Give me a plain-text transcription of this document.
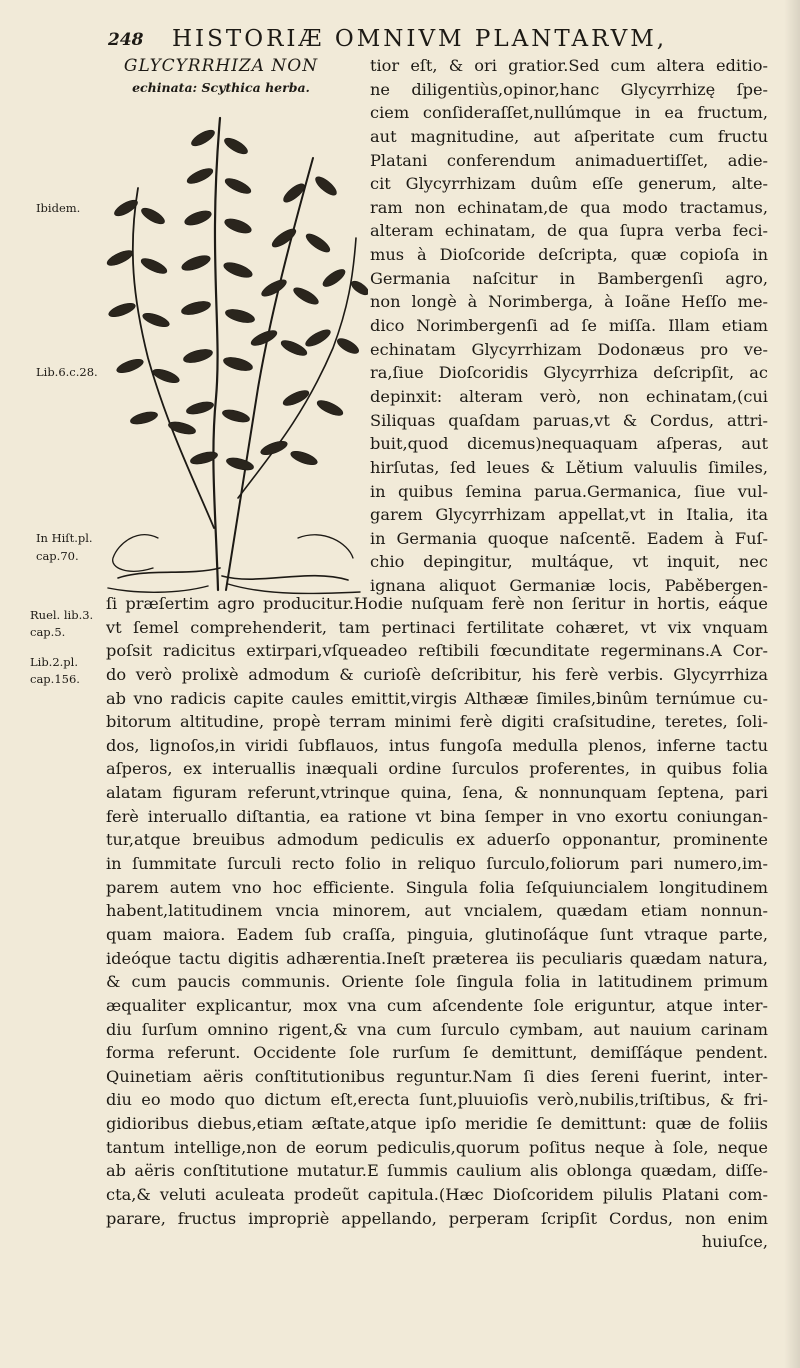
248 HISTORIÆ OMNIVM PLANTARVM,
GLYCYRRHIZA NON
echinata: Scythica herba.
Ibidem.
Lib.6.c.28.
In Hiſt.pl.
cap.70.
Ruel. lib.3.
cap.5.
Lib.2.pl.
cap.156.
tior eſt, & ori gratior.Sed cum altera editio-
ne diligentiùs,opinor,hanc Glycyrrhizę ſpe-
ciem conſideraſſet,nullúmque in ea fructum,
aut magnitudine, aut aſperitate cum fructu
Platani conferendum animaduertiſſet, adie-
cit Glycyrrhizam duûm eſſe generum, alte-
ram non echinatam,de qua modo tractamus,
alteram echinatam, de qua ſupra verba feci-
mus à Dioſcoride deſcripta, quæ copioſa in
Germania naſcitur in Bambergenſi agro,
non longè à Norimberga, à Ioãne Heſſo me-
dico Norimbergenſi ad ſe miſſa. Illam etiam
echinatam Glycyrrhizam Dodonæus pro ve-
ra,ſiue Dioſcoridis Glycyrrhiza deſcripſit, ac
depinxit: alteram verò, non echinatam,(cui
Siliquas quaſdam paruas,vt & Cordus, attri-
buit,quod dicemus)nequaquam aſperas, aut
hirſutas, ſed leues & Lětium valuulis ſimiles,
in quibus ſemina parua.Germanica, ſiue vul-
garem Glycyrrhizam appellat,vt in Italia, ita
in Germania quoque naſcentẽ. Eadem à Fuſ-
chio depingitur, multáque, vt inquit, nec
ignana aliquot Germaniæ locis, Paběbergen-
ſi præſertim agro producitur.Hodie nuſquam ferè non ſeritur in hortis, eáque
vt ſemel comprehenderit, tam pertinaci fertilitate cohæret, vt vix vnquam
poſsit radicitus extirpari,vſqueadeo reſtibili fœcunditate regerminans.A Cor-
do verò prolixè admodum & curioſè deſcribitur, his ferè verbis. Glycyrrhiza
ab vno radicis capite caules emittit,virgis Althææ ſimiles,binûm ternúmue cu-
bitorum altitudine, propè terram minimi ferè digiti craſsitudine, teretes, ſoli-
dos, lignoſos,in viridi ſubflauos, intus fungoſa medulla plenos, inferne tactu
aſperos, ex interuallis inæquali ordine ſurculos proferentes, in quibus folia
alatam figuram referunt,vtrinque quina, ſena, & nonnunquam ſeptena, pari
ferè interuallo diſtantia, ea ratione vt bina ſemper in vno exortu coniungan-
tur,atque breuibus admodum pediculis ex aduerſo opponantur, prominente
in ſummitate ſurculi recto folio in reliquo ſurculo,foliorum pari numero,im-
parem autem vno hoc efficiente. Singula folia ſeſquiuncialem longitudinem
habent,latitudinem vncia minorem, aut vncialem, quædam etiam nonnun-
quam maiora. Eadem ſub craſſa, pinguia, glutinoſáque ſunt vtraque parte,
ideóque tactu digitis adhærentia.Ineſt præterea iis peculiaris quædam natura,
& cum paucis communis. Oriente ſole ſingula folia in latitudinem primum
æqualiter explicantur, mox vna cum aſcendente ſole eriguntur, atque inter-
diu ſurſum omnino rigent,& vna cum ſurculo cymbam, aut nauium carinam
forma referunt. Occidente ſole rurſum ſe demittunt, demiſſáque pendent.
Quinetiam aëris conſtitutionibus reguntur.Nam ſi dies ſereni fuerint, inter-
diu eo modo quo dictum eſt,erecta ſunt,pluuioſis verò,nubilis,triſtibus, & fri-
gidioribus diebus,etiam æſtate,atque ipſo meridie ſe demittunt: quæ de foliis
tantum intellige,non de eorum pediculis,quorum poſitus neque à ſole, neque
ab aëris conſtitutione mutatur.E ſummis caulium alis oblonga quædam, diſſe-
cta,& veluti aculeata prodeũt capitula.(Hæc Dioſcoridem pilulis Platani com-
parare, fructus impropriè appellando, perperam ſcripſit Cordus, non enim
huiuſce,
